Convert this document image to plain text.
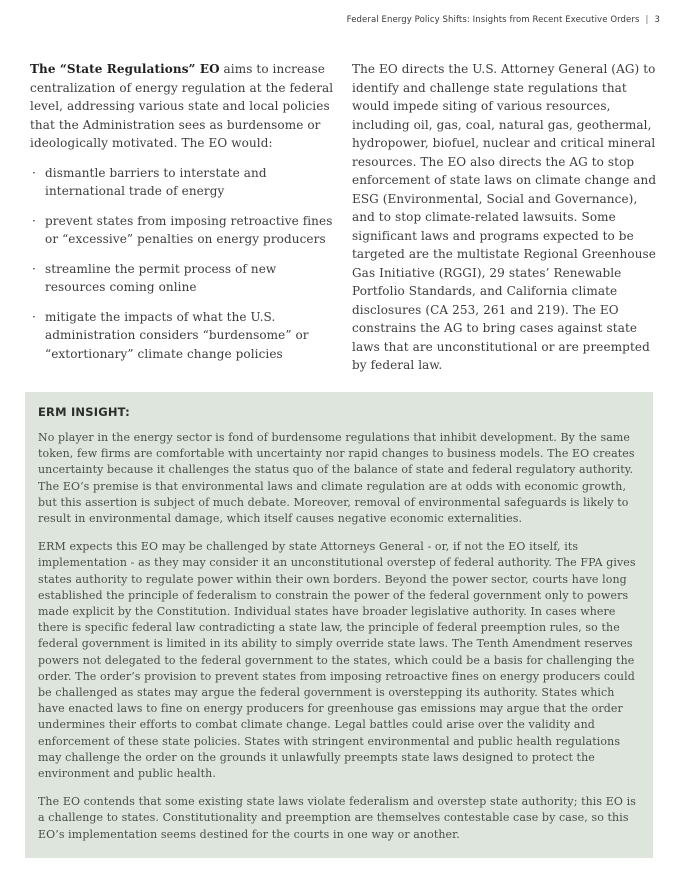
Federal Energy Policy Shifts: Insights from Recent Executive Orders | 3

The “State Regulations” EO aims to increase centralization of energy regulation at the federal level, addressing various state and local policies that the Administration sees as burdensome or ideologically motivated. The EO would:

· dismantle barriers to interstate and international trade of energy
· prevent states from imposing retroactive fines or “excessive” penalties on energy producers
· streamline the permit process of new resources coming online
· mitigate the impacts of what the U.S. administration considers “burdensome” or “extortionary” climate change policies

The EO directs the U.S. Attorney General (AG) to identify and challenge state regulations that would impede siting of various resources, including oil, gas, coal, natural gas, geothermal, hydropower, biofuel, nuclear and critical mineral resources. The EO also directs the AG to stop enforcement of state laws on climate change and ESG (Environmental, Social and Governance), and to stop climate-related lawsuits. Some significant laws and programs expected to be targeted are the multistate Regional Greenhouse Gas Initiative (RGGI), 29 states’ Renewable Portfolio Standards, and California climate disclosures (CA 253, 261 and 219). The EO constrains the AG to bring cases against state laws that are unconstitutional or are preempted by federal law.

ERM INSIGHT:

No player in the energy sector is fond of burdensome regulations that inhibit development. By the same token, few firms are comfortable with uncertainty nor rapid changes to business models. The EO creates uncertainty because it challenges the status quo of the balance of state and federal regulatory authority. The EO’s premise is that environmental laws and climate regulation are at odds with economic growth, but this assertion is subject of much debate. Moreover, removal of environmental safeguards is likely to result in environmental damage, which itself causes negative economic externalities.

ERM expects this EO may be challenged by state Attorneys General - or, if not the EO itself, its implementation - as they may consider it an unconstitutional overstep of federal authority. The FPA gives states authority to regulate power within their own borders. Beyond the power sector, courts have long established the principle of federalism to constrain the power of the federal government only to powers made explicit by the Constitution. Individual states have broader legislative authority. In cases where there is specific federal law contradicting a state law, the principle of federal preemption rules, so the federal government is limited in its ability to simply override state laws. The Tenth Amendment reserves powers not delegated to the federal government to the states, which could be a basis for challenging the order. The order’s provision to prevent states from imposing retroactive fines on energy producers could be challenged as states may argue the federal government is overstepping its authority. States which have enacted laws to fine on energy producers for greenhouse gas emissions may argue that the order undermines their efforts to combat climate change. Legal battles could arise over the validity and enforcement of these state policies. States with stringent environmental and public health regulations may challenge the order on the grounds it unlawfully preempts state laws designed to protect the environment and public health.

The EO contends that some existing state laws violate federalism and overstep state authority; this EO is a challenge to states. Constitutionality and preemption are themselves contestable case by case, so this EO’s implementation seems destined for the courts in one way or another.
